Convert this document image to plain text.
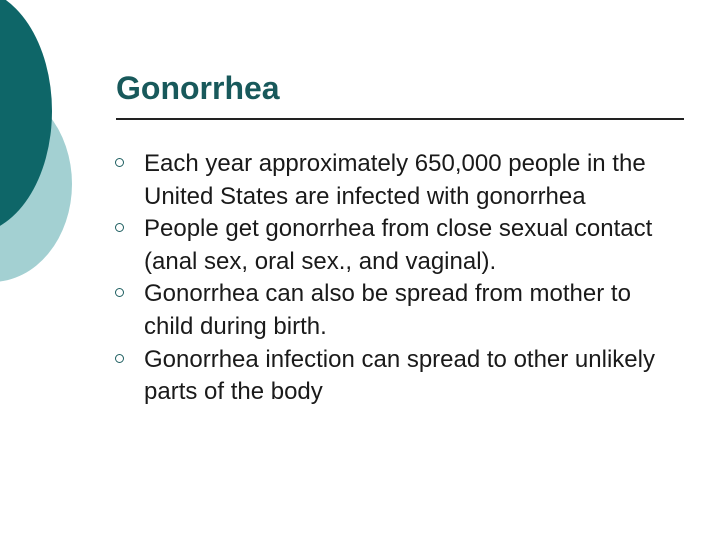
Gonorrhea
Each year approximately 650,000 people in the United States are infected with gonorrhea
People get gonorrhea from close sexual contact (anal sex, oral sex., and vaginal).
Gonorrhea can also be spread from mother to child during birth.
Gonorrhea infection can spread to other unlikely parts of the body
